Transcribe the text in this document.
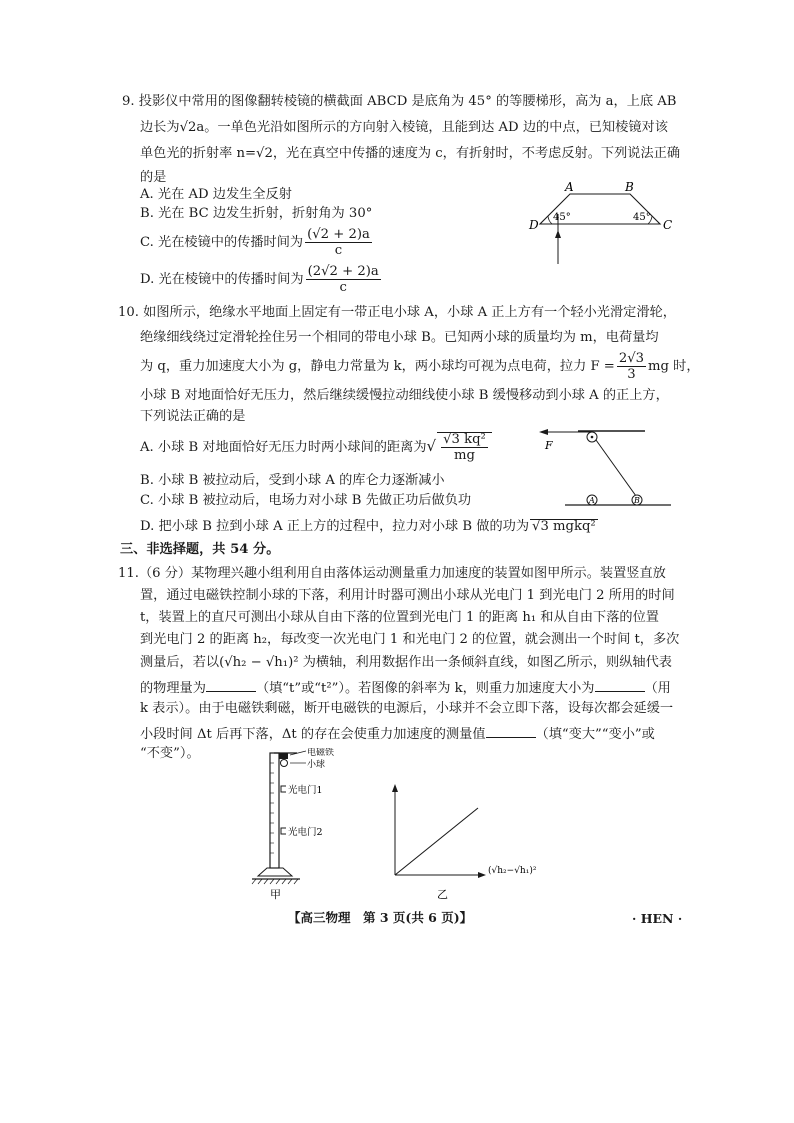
9. 投影仪中常用的图像翻转棱镜的横截面 ABCD 是底角为 45° 的等腰梯形，高为 a，上底 AB
边长为√2a。一单色光沿如图所示的方向射入棱镜，且能到达 AD 边的中点，已知棱镜对该
单色光的折射率 n=√2，光在真空中传播的速度为 c，有折射时，不考虑反射。下列说法正确
的是
A. 光在 AD 边发生全反射
B. 光在 BC 边发生折射，折射角为 30°
C. 光在棱镜中的传播时间为 $\frac{(√2 + 2)a}{c}$
D. 光在棱镜中的传播时间为 $\frac{(2√2 + 2)a}{c}$
A	B
C
D
45°	45°
10. 如图所示，绝缘水平地面上固定有一带正电小球 A，小球 A 正上方有一个轻小光滑定滑轮，
绝缘细线绕过定滑轮拴住另一个相同的带电小球 B。已知两小球的质量均为 m，电荷量均
为 q，重力加速度大小为 g，静电力常量为 k，两小球均可视为点电荷，拉力 $F = \frac{2√3}{3}$ mg 时，
小球 B 对地面恰好无压力，然后继续缓慢拉动细线使小球 B 缓慢移动到小球 A 的正上方，
下列说法正确的是
A. 小球 B 对地面恰好无压力时两小球间的距离为√ $\frac{\text{√3 kq²}}{mg}$
B. 小球 B 被拉动后，受到小球 A 的库仑力逐渐减小
C. 小球 B 被拉动后，电场力对小球 B 先做正功后做负功
D. 把小球 B 拉到小球 A 正上方的过程中，拉力对小球 B 做的功为 √3 mgkq²
A	B
F
三、非选择题，共 54 分。
11.（6 分）某物理兴趣小组利用自由落体运动测量重力加速度的装置如图甲所示。装置竖直放
置，通过电磁铁控制小球的下落，利用计时器可测出小球从光电门 1 到光电门 2 所用的时间
t，装置上的直尺可测出小球从自由下落的位置到光电门 1 的距离 h₁ 和从自由下落的位置
到光电门 2 的距离 h₂，每改变一次光电门 1 和光电门 2 的位置，就会测出一个时间 t，多次
测量后，若以(√h₂ − √h₁)² 为横轴，利用数据作出一条倾斜直线，如图乙所示，则纵轴代表
的物理量为	（填“t”或“t²”）。若图像的斜率为 k，则重力加速度大小为	（用
k 表示）。由于电磁铁剩磁，断开电磁铁的电源后，小球并不会立即下落，设每次都会延缓一
小段时间 Δt 后再下落，Δt 的存在会使重力加速度的测量值	（填“变大”“变小”或
“不变”）。	电磁铁
小球
光电门1
光电门2
甲
(√h₂−√h₁)²
乙
【高三物理　第 3 页(共 6 页)】	· HEN ·
